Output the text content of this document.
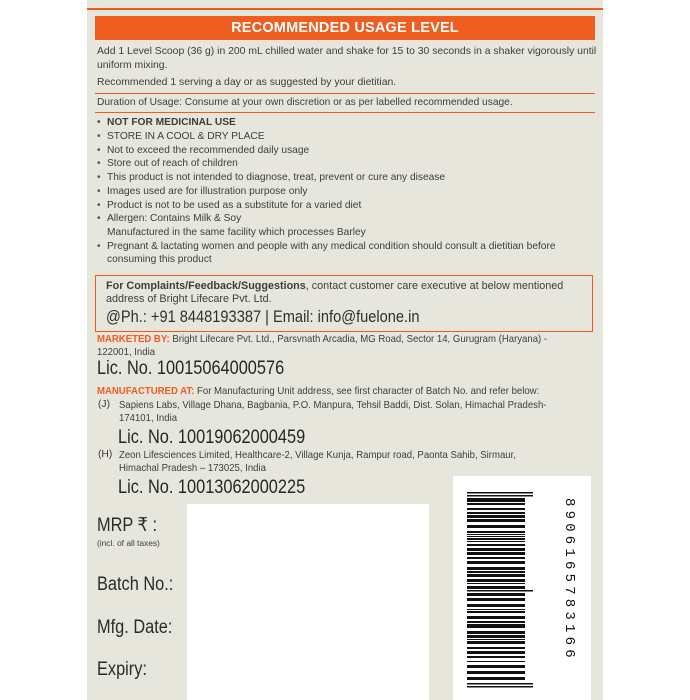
RECOMMENDED USAGE LEVEL

Add 1 Level Scoop (36 g) in 200 mL chilled water and shake for 15 to 30 seconds in a shaker vigorously until uniform mixing.

Recommended 1 serving a day or as suggested by your dietitian.

Duration of Usage: Consume at your own discretion or as per labelled recommended usage.
• NOT FOR MEDICINAL USE
• STORE IN A COOL & DRY PLACE
• Not to exceed the recommended daily usage
• Store out of reach of children
• This product is not intended to diagnose, treat, prevent or cure any disease
• Images used are for illustration purpose only
• Product is not to be used as a substitute for a varied diet
• Allergen: Contains Milk & Soy
Manufactured in the same facility which processes Barley
• Pregnant & lactating women and people with any medical condition should consult a dietitian before consuming this product
For Complaints/Feedback/Suggestions, contact customer care executive at below mentioned address of Bright Lifecare Pvt. Ltd.
@Ph.: +91 8448193387 | Email: info@fuelone.in
MARKETED BY: Bright Lifecare Pvt. Ltd., Parsvnath Arcadia, MG Road, Sector 14, Gurugram (Haryana) - 122001, India
Lic. No. 10015064000576
MANUFACTURED AT: For Manufacturing Unit address, see first character of Batch No. and refer below:
(J) Sapiens Labs, Village Dhana, Bagbania, P.O. Manpura, Tehsil Baddi, Dist. Solan, Himachal Pradesh-174101, India
Lic. No. 10019062000459
(H) Zeon Lifesciences Limited, Healthcare-2, Village Kunja, Rampur road, Paonta Sahib, Sirmaur, Himachal Pradesh – 173025, India
Lic. No. 10013062000225
MRP ₹ :
(incl. of all taxes)
Batch No.:
Mfg. Date:
Expiry:
8906165783166
